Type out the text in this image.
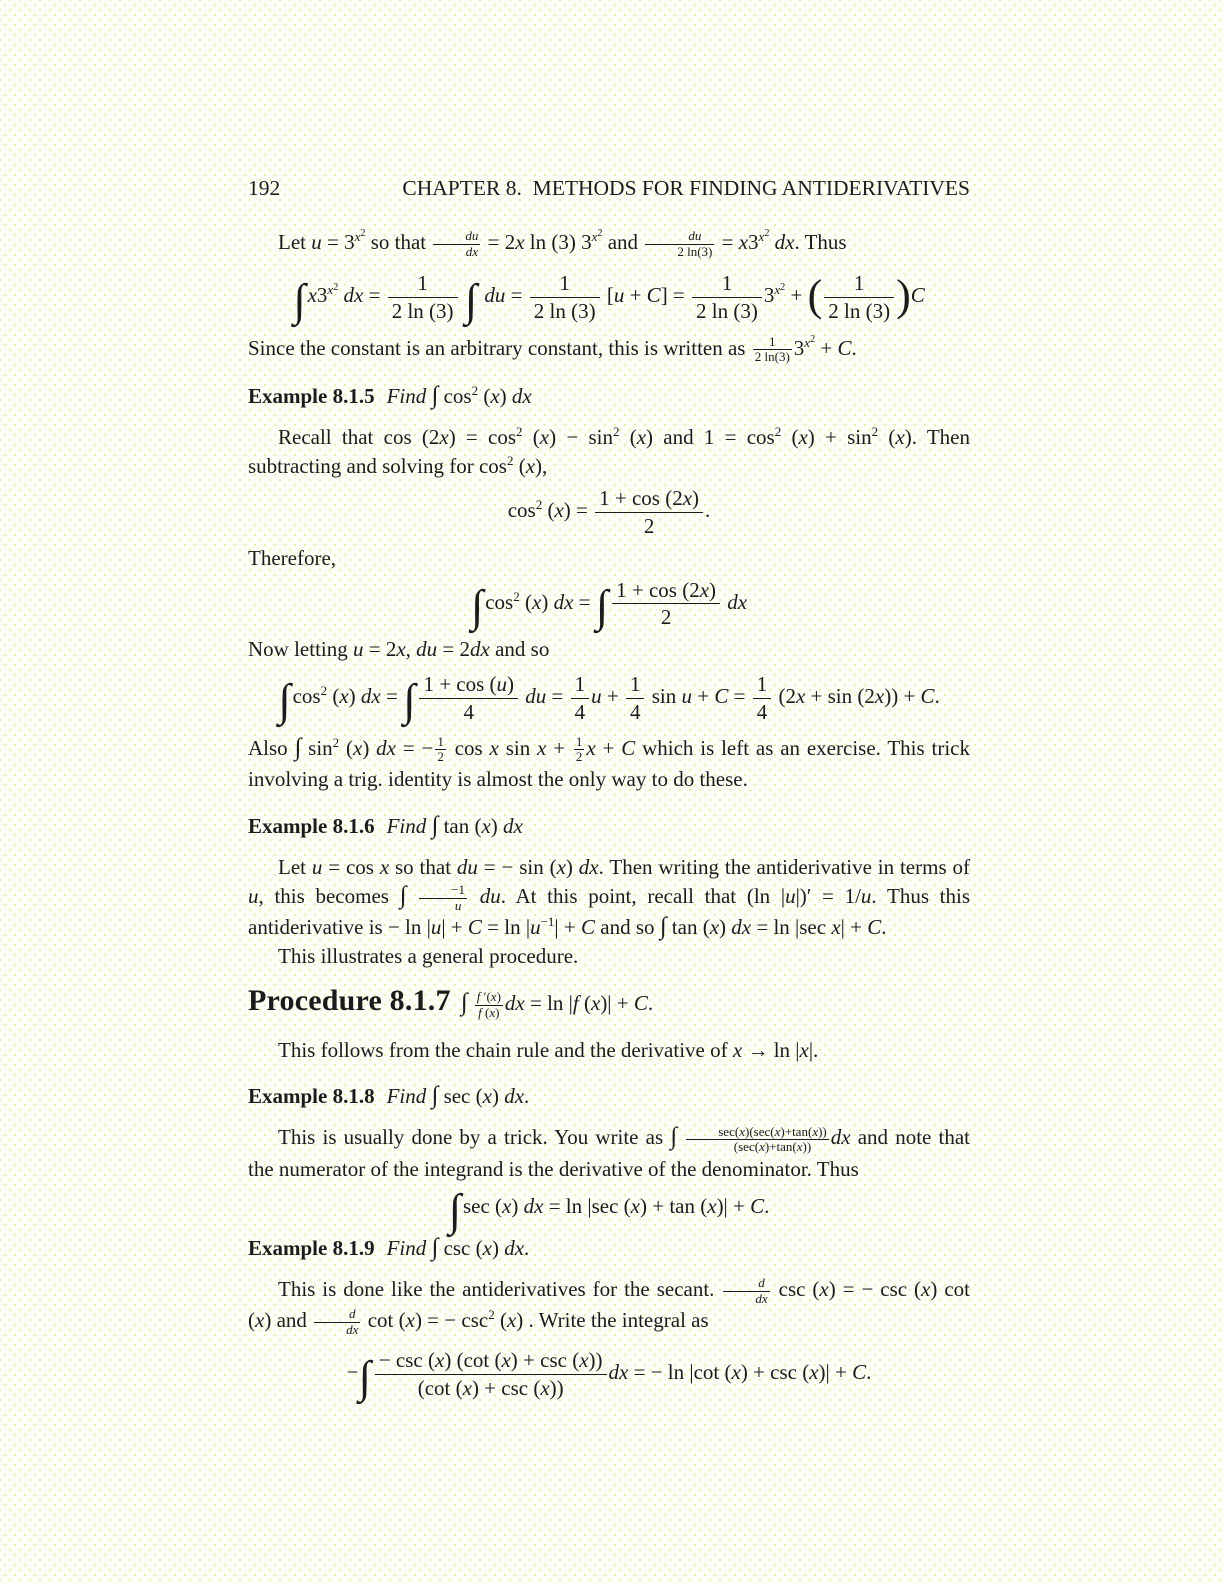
192	CHAPTER 8.  METHODS FOR FINDING ANTIDERIVATIVES

Let $u = 3^{x^2}$ so that $\frac{du}{dx} = 2x$ ln (3) $3^{x^2}$ and $\frac{du}{2 \ln(3)} = x3^{x^2}$ dx. Thus

$\int x3^{x^2}$ dx = $\frac{1}{2 \ln (3)}$ ∫ du = $\frac{1}{2 \ln (3)} [u + C] = \frac{1}{2 \ln (3)} 3^{x^2}$ + ( $\frac{1}{2 \ln (3)} )C$

Since the constant is an arbitrary constant, this is written as $\frac{1}{2 \ln(3)} 3^{x^2} + C$.

Example 8.1.5 Find ∫ $\cos^2 (x)$ dx

Recall that $\cos (2x) = \cos^2 (x) - \sin^2 (x)$ and $1 = \cos^2 (x) + \sin^2 (x)$. Then subtracting and solving for $\cos^2 (x)$,

$\cos^2 (x) = \frac{1 + \cos (2x)}{2}$ .

Therefore,

$\int\cos^2$ (x) dx = ∫ $\frac{1 + \cos (2x)}{2}$ dx

Now letting u = 2x, du = 2dx and so

$\int\cos^2$ (x) dx = ∫ $\frac{1 + \cos (u)}{4}$ du = $\frac{1}{4}$ $u + \frac{1}{4}$ $\sin u + C = \frac{1}{4} (2x + \sin (2x)) + C$.

Also ∫ $\sin^2 (x)$ dx = − $\frac{1}{2}$ cos x $\sin x + \frac{1}{2}$ x + C which is left as an exercise. This trick involving a trig. identity is almost the only way to do these.

Example 8.1.6 Find ∫ tan (x) dx

Let u = cos x so that du = − sin (x) dx. Then writing the antiderivative in terms of u, this becomes ∫ $\frac{-1}{u}$ du. At this point, recall that (ln |u|)′ = 1/u. Thus this antiderivative is − $\ln |u| + C = \ln |u^{-1}| + C$ and so ∫ tan (x) dx = ln |sec x| + C.

This illustrates a general procedure.

Procedure 8.1.7 ∫ $\frac{f '(x)}{f (x)}$ dx = ln |f (x)| + C.

This follows from the chain rule and the derivative of x → ln |x|.

Example 8.1.8 Find ∫ sec (x) dx.

This is usually done by a trick. You write as ∫	sec(x)(sec(x)+tan(x))
(sec(x)+tan(x)) dx and note that the numerator of the integrand is the derivative of the denominator. Thus

∫sec (x) dx = ln |sec (x) + tan (x)| + C.

Example 8.1.9 Find ∫ csc (x) dx.

This is done like the antiderivatives for the secant. $\frac{d}{dx}$ csc (x) = − csc (x) cot (x) and $\frac{d}{dx}$ cot (x) = − $\csc^2 (x)$ . Write the integral as

−∫ − csc (x) (cot (x) + csc (x))
(cot (x) + csc (x))
dx = − ln |cot (x) + csc (x)| + C.
